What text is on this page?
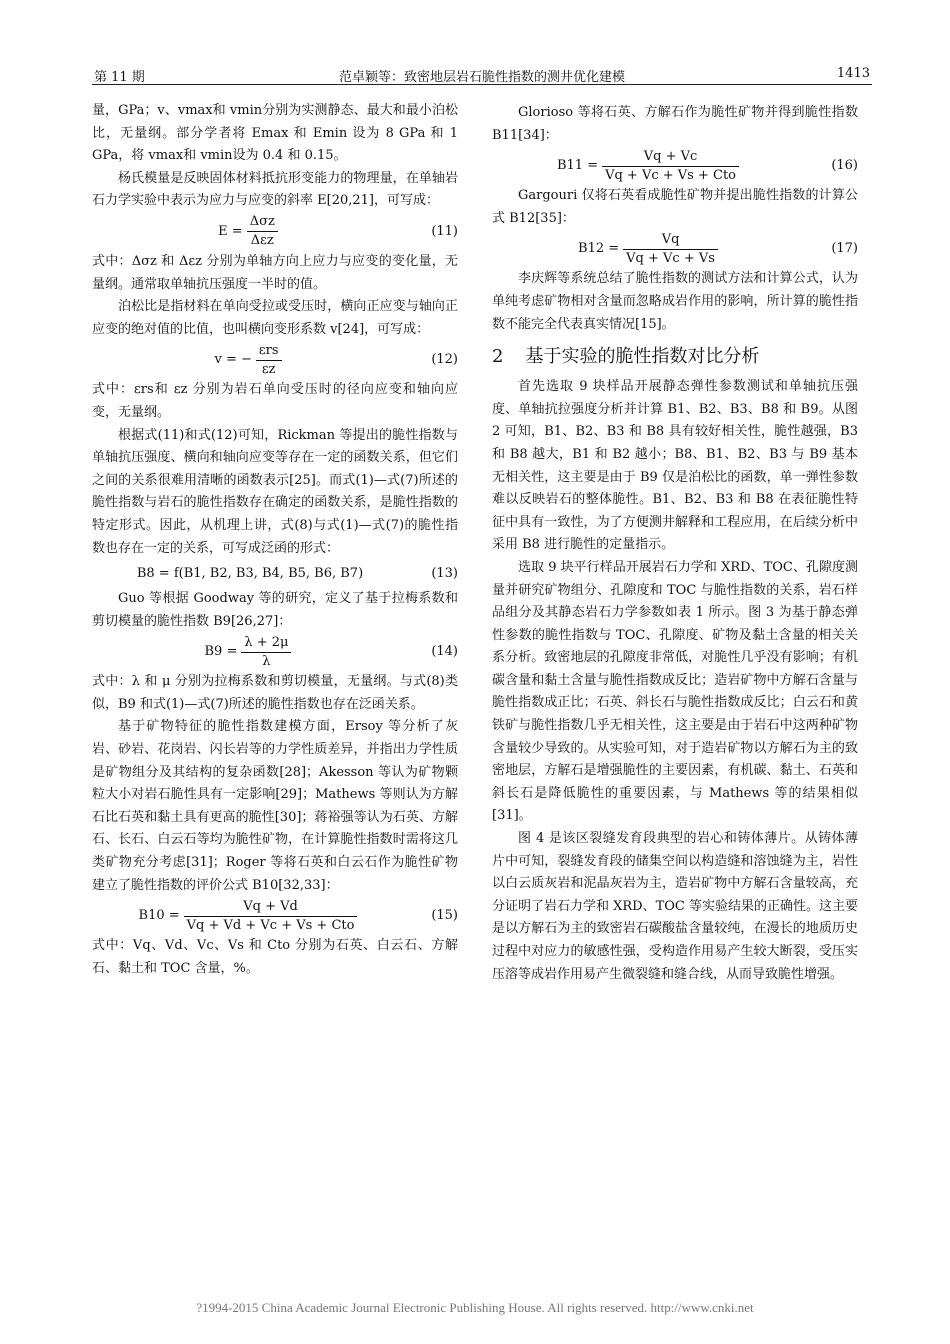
第 11 期	范卓颖等：致密地层岩石脆性指数的测井优化建模	1413

量，GPa；v、vmax和 vmin分别为实测静态、最大和最小泊松比，无量纲。部分学者将 Emax 和 Emin 设为 8 GPa 和 1 GPa，将 vmax和 vmin设为 0.4 和 0.15。

杨氏模量是反映固体材料抵抗形变能力的物理量，在单轴岩石力学实验中表示为应力与应变的斜率 E[20,21]，可写成：

$E = \frac{\text{Δσz}}{\text{Δεz}}$	(11)

式中：Δσz 和 Δεz 分别为单轴方向上应力与应变的变化量，无量纲。通常取单轴抗压强度一半时的值。

泊松比是指材料在单向受拉或受压时，横向正应变与轴向正应变的绝对值的比值，也叫横向变形系数 v[24]，可写成：

v = − $\frac{\text{εrs}}{\varepsilon z}$	(12)

式中：εrs和 εz 分别为岩石单向受压时的径向应变和轴向应变，无量纲。

根据式(11)和式(12)可知，Rickman 等提出的脆性指数与单轴抗压强度、横向和轴向应变等存在一定的函数关系，但它们之间的关系很难用清晰的函数表示[25]。而式(1)—式(7)所述的脆性指数与岩石的脆性指数存在确定的函数关系，是脆性指数的特定形式。因此，从机理上讲，式(8)与式(1)—式(7)的脆性指数也存在一定的关系，可写成泛函的形式：

B8 = f(B1, B2, B3, B4, B5, B6, B7)	(13)

Guo 等根据 Goodway 等的研究，定义了基于拉梅系数和剪切模量的脆性指数 B9[26,27]：

$B9 = \frac{\lambda + 2\mu}{\lambda}$	(14)

式中：λ 和 μ 分别为拉梅系数和剪切模量，无量纲。与式(8)类似，B9 和式(1)—式(7)所述的脆性指数也存在泛函关系。

基于矿物特征的脆性指数建模方面，Ersoy 等分析了灰岩、砂岩、花岗岩、闪长岩等的力学性质差异，并指出力学性质是矿物组分及其结构的复杂函数[28]；Akesson 等认为矿物颗粒大小对岩石脆性具有一定影响[29]；Mathews 等则认为方解石比石英和黏土具有更高的脆性[30]；蒋裕强等认为石英、方解石、长石、白云石等均为脆性矿物，在计算脆性指数时需将这几类矿物充分考虑[31]；Roger 等将石英和白云石作为脆性矿物建立了脆性指数的评价公式 B10[32,33]：

$B10 = \frac{Vq + Vd}{\text{Vq + Vd + Vc + Vs + Cto}}$	(15)

式中：Vq、Vd、Vc、Vs 和 Cto 分别为石英、白云石、方解石、黏土和 TOC 含量，%。

Glorioso 等将石英、方解石作为脆性矿物并得到脆性指数 B11[34]：

$B11 = \frac{Vq + Vc}{\text{Vq + Vc + Vs + Cto}}$	(16)

Gargouri 仅将石英看成脆性矿物并提出脆性指数的计算公式 B12[35]：

$B12 = \frac{Vq}{Vq + Vc + Vs}$	(17)

李庆辉等系统总结了脆性指数的测试方法和计算公式，认为单纯考虑矿物相对含量而忽略成岩作用的影响，所计算的脆性指数不能完全代表真实情况[15]。

2 基于实验的脆性指数对比分析

首先选取 9 块样品开展静态弹性参数测试和单轴抗压强度、单轴抗拉强度分析并计算 B1、B2、B3、B8 和 B9。从图 2 可知，B1、B2、B3 和 B8 具有较好相关性，脆性越强，B3 和 B8 越大，B1 和 B2 越小；B8、B1、B2、B3 与 B9 基本无相关性，这主要是由于 B9 仅是泊松比的函数，单一弹性参数难以反映岩石的整体脆性。B1、B2、B3 和 B8 在表征脆性特征中具有一致性，为了方便测井解释和工程应用，在后续分析中采用 B8 进行脆性的定量指示。

选取 9 块平行样品开展岩石力学和 XRD、TOC、孔隙度测量并研究矿物组分、孔隙度和 TOC 与脆性指数的关系，岩石样品组分及其静态岩石力学参数如表 1 所示。图 3 为基于静态弹性参数的脆性指数与 TOC、孔隙度、矿物及黏土含量的相关关系分析。致密地层的孔隙度非常低，对脆性几乎没有影响；有机碳含量和黏土含量与脆性指数成反比；造岩矿物中方解石含量与脆性指数成正比；石英、斜长石与脆性指数成反比；白云石和黄铁矿与脆性指数几乎无相关性，这主要是由于岩石中这两种矿物含量较少导致的。从实验可知，对于造岩矿物以方解石为主的致密地层，方解石是增强脆性的主要因素，有机碳、黏土、石英和斜长石是降低脆性的重要因素，与 Mathews 等的结果相似[31]。

图 4 是该区裂缝发育段典型的岩心和铸体薄片。从铸体薄片中可知，裂缝发育段的储集空间以构造缝和溶蚀缝为主，岩性以白云质灰岩和泥晶灰岩为主，造岩矿物中方解石含量较高，充分证明了岩石力学和 XRD、TOC 等实验结果的正确性。这主要是以方解石为主的致密岩石碳酸盐含量较纯，在漫长的地质历史过程中对应力的敏感性强，受构造作用易产生较大断裂，受压实压溶等成岩作用易产生微裂缝和缝合线，从而导致脆性增强。

?1994-2015 China Academic Journal Electronic Publishing House. All rights reserved. http://www.cnki.net
